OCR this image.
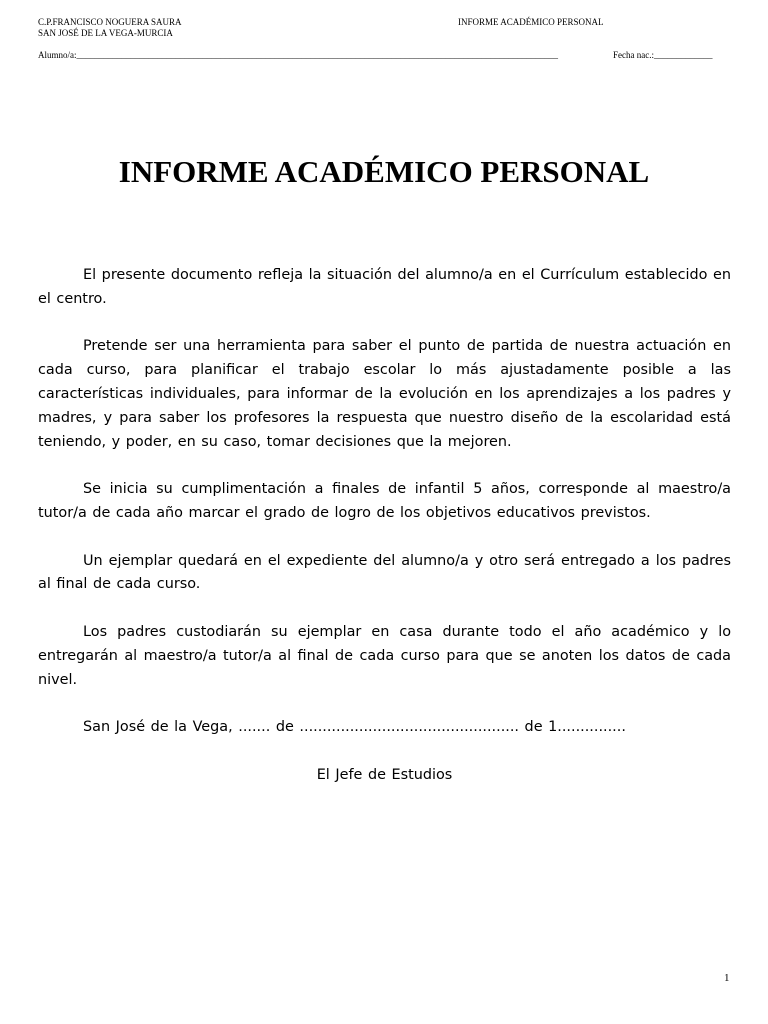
C.P.FRANCISCO NOGUERA SAURA
SAN JOSÉ DE LA VEGA-MURCIA
INFORME ACADÉMICO PERSONAL
Alumno/a:___________________________________________________________________________________________________________	Fecha nac.:_____________
INFORME ACADÉMICO PERSONAL

El presente documento refleja la situación del alumno/a en el Currículum establecido en el centro.

Pretende ser una herramienta para saber el punto de partida de nuestra actuación en cada curso, para planificar el trabajo escolar lo más ajustadamente posible a las características individuales, para informar de la evolución en los aprendizajes a los padres y madres, y para saber los profesores la respuesta que nuestro diseño de la escolaridad está teniendo, y poder, en su caso, tomar decisiones que la mejoren.

Se inicia su cumplimentación a finales de infantil 5 años, corresponde al maestro/a tutor/a de cada año marcar el grado de logro de los objetivos educativos previstos.

Un ejemplar quedará en el expediente del alumno/a y otro será entregado a los padres al final de cada curso.

Los padres custodiarán su ejemplar en casa durante todo el año académico y lo entregarán al maestro/a tutor/a al final de cada curso para que se anoten los datos de cada nivel.

San José de la Vega, ....... de ................................................ de 1...............

El Jefe de Estudios

1
